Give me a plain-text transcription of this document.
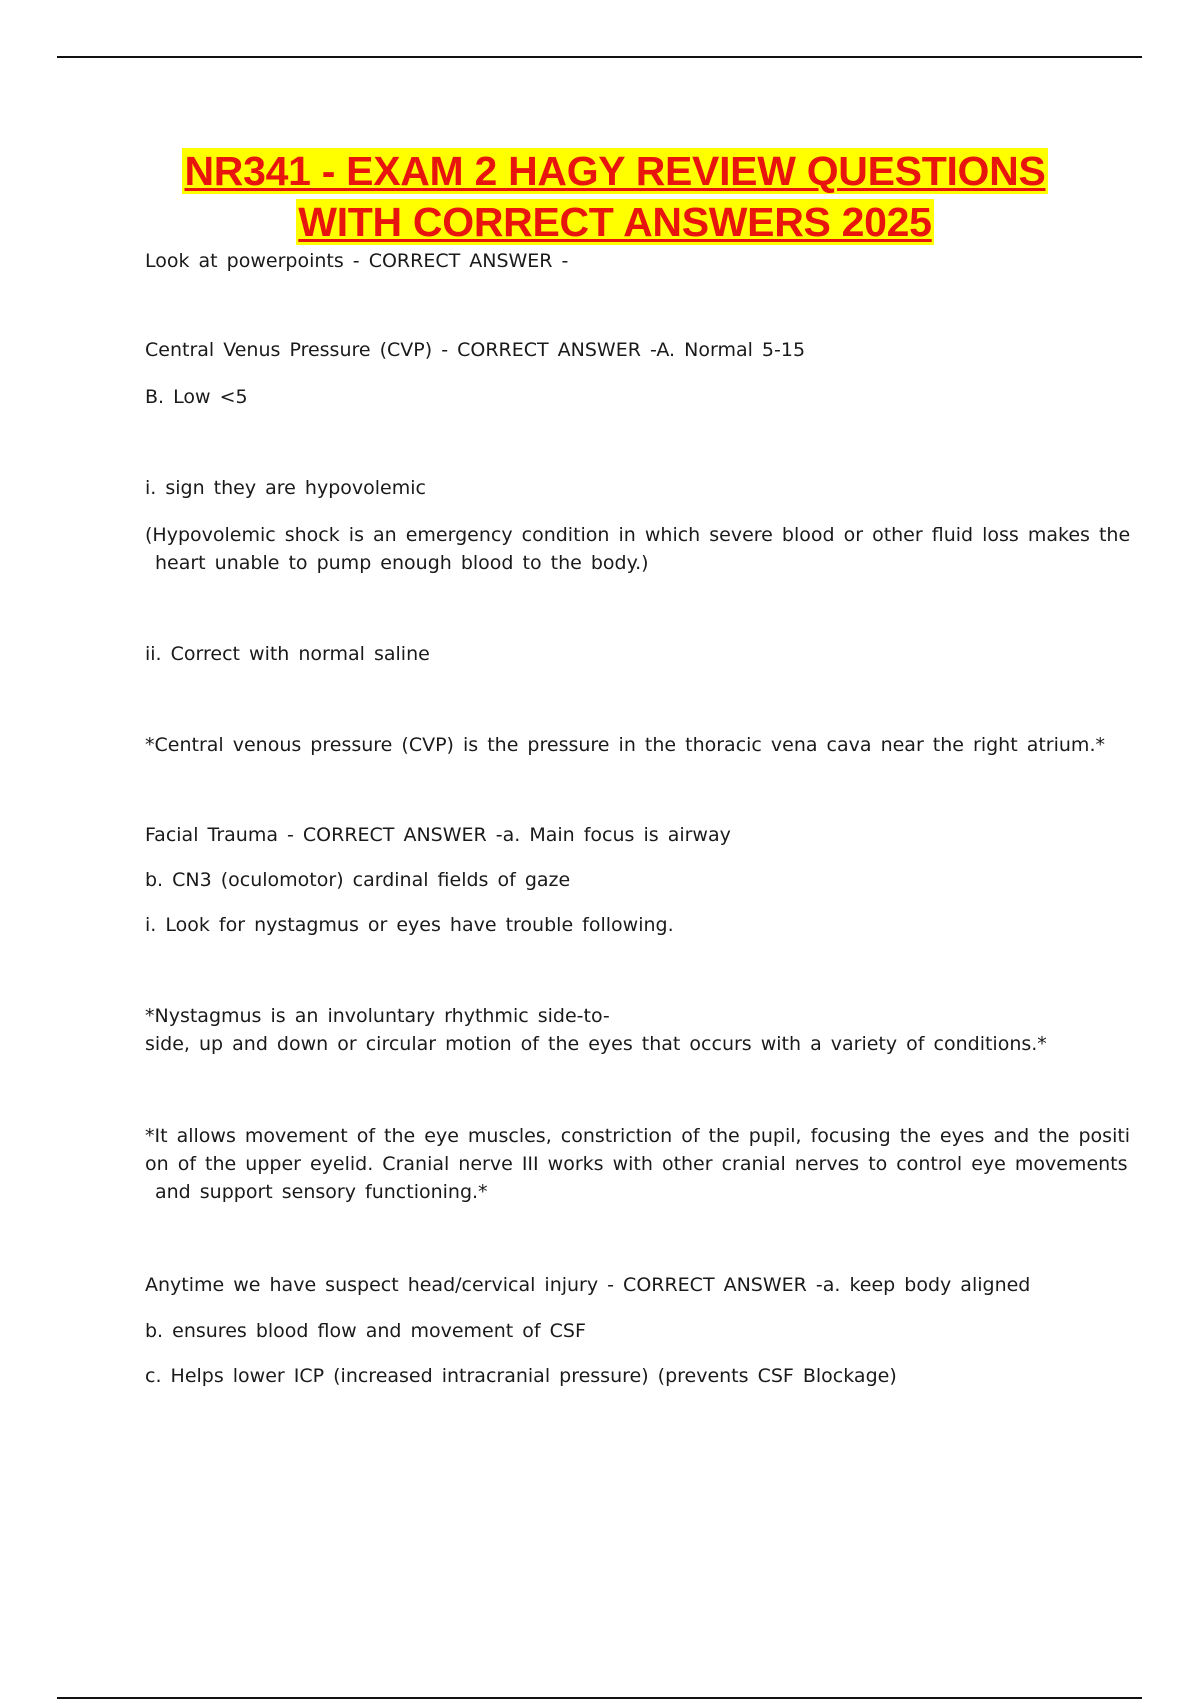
NR341 - EXAM 2 HAGY REVIEW QUESTIONS
WITH CORRECT ANSWERS 2025
Look at powerpoints - CORRECT ANSWER -
Central Venus Pressure (CVP) - CORRECT ANSWER -A. Normal 5-15
B. Low <5
i. sign they are hypovolemic
(Hypovolemic shock is an emergency condition in which severe blood or other fluid loss makes the
heart unable to pump enough blood to the body.)
ii. Correct with normal saline
*Central venous pressure (CVP) is the pressure in the thoracic vena cava near the right atrium.*
Facial Trauma - CORRECT ANSWER -a. Main focus is airway
b. CN3 (oculomotor) cardinal fields of gaze
i. Look for nystagmus or eyes have trouble following.
*Nystagmus is an involuntary rhythmic side-to-
side, up and down or circular motion of the eyes that occurs with a variety of conditions.*
*It allows movement of the eye muscles, constriction of the pupil, focusing the eyes and the positi
on of the upper eyelid. Cranial nerve III works with other cranial nerves to control eye movements
and support sensory functioning.*
Anytime we have suspect head/cervical injury - CORRECT ANSWER -a. keep body aligned
b. ensures blood flow and movement of CSF
c. Helps lower ICP (increased intracranial pressure) (prevents CSF Blockage)
